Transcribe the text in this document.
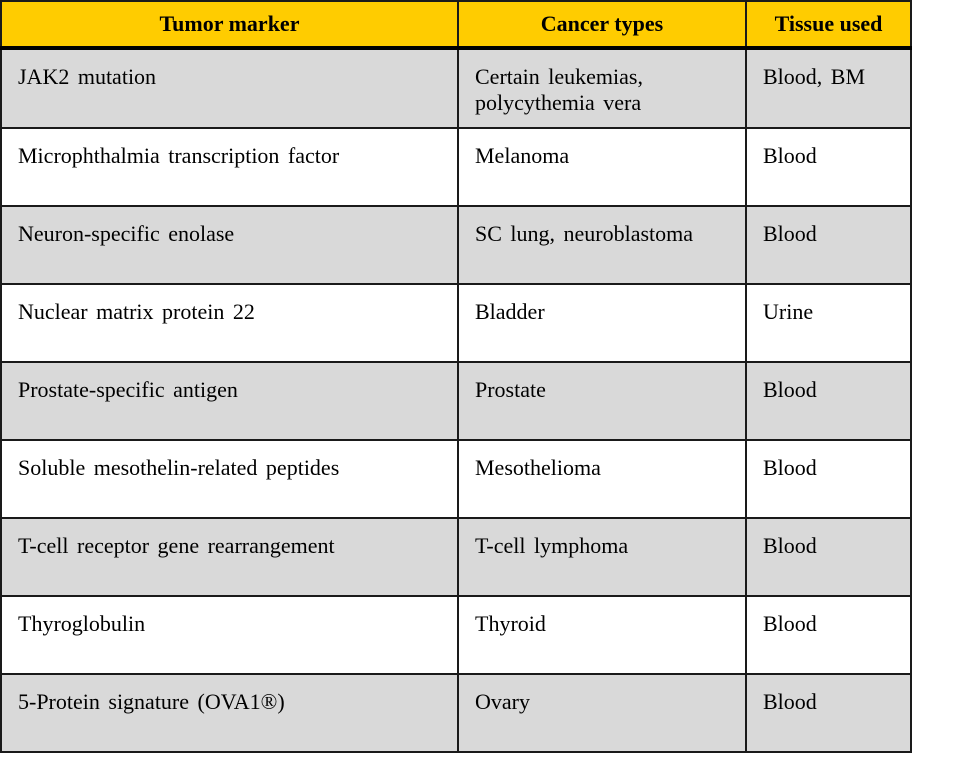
Tumor marker	Cancer types	Tissue used
JAK2 mutation	Certain leukemias, polycythemia vera	Blood, BM
Microphthalmia transcription factor	Melanoma	Blood
Neuron-specific enolase	SC lung, neuroblastoma	Blood
Nuclear matrix protein 22	Bladder	Urine
Prostate-specific antigen	Prostate	Blood
Soluble mesothelin-related peptides	Mesothelioma	Blood
T-cell receptor gene rearrangement	T-cell lymphoma	Blood
Thyroglobulin	Thyroid	Blood
5-Protein signature (OVA1®)	Ovary	Blood
